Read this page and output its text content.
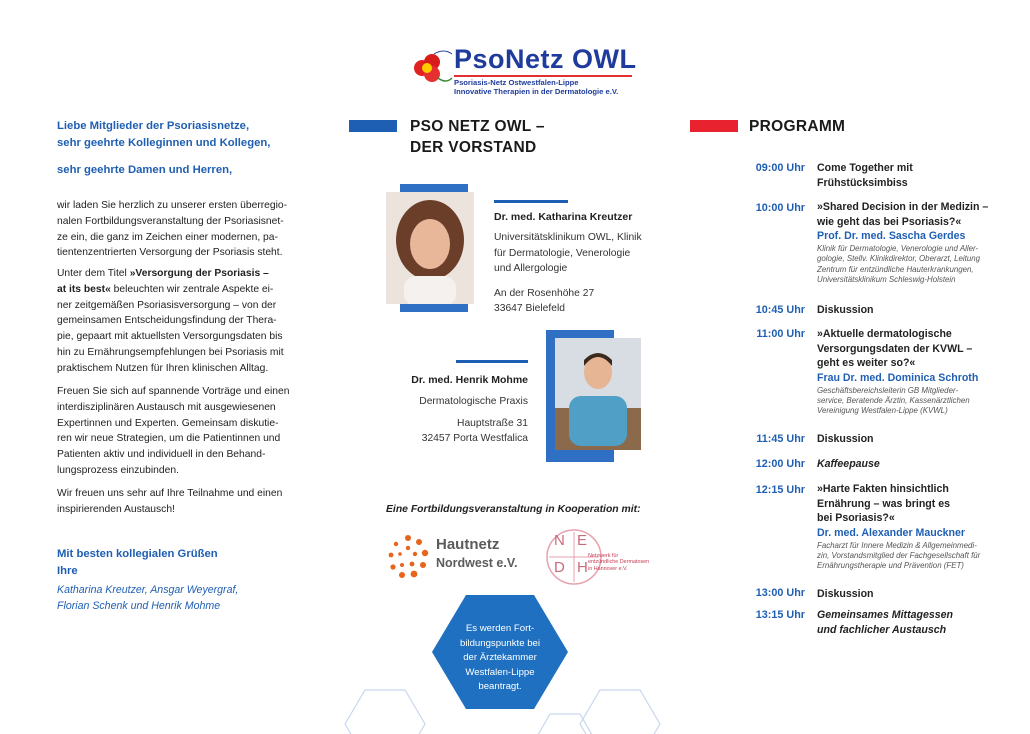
PsoNetz OWL
Psoriasis-Netz Ostwestfalen-Lippe
Innovative Therapien in der Dermatologie e.V.
Liebe Mitglieder der Psoriasisnetze,
sehr geehrte Kolleginnen und Kollegen,
sehr geehrte Damen und Herren,
wir laden Sie herzlich zu unserer ersten überregio-
nalen Fortbildungsveranstaltung der Psoriasisnet-
ze ein, die ganz im Zeichen einer modernen, pa-
tientenzentrierten Versorgung der Psoriasis steht.
Unter dem Titel »Versorgung der Psoriasis –
at its best« beleuchten wir zentrale Aspekte ei-
ner zeitgemäßen Psoriasisversorgung – von der
gemeinsamen Entscheidungsfindung der Thera-
pie, gepaart mit aktuellsten Versorgungsdaten bis
hin zu Ernährungsempfehlungen bei Psoriasis mit
praktischem Nutzen für Ihren klinischen Alltag.
Freuen Sie sich auf spannende Vorträge und einen
interdisziplinären Austausch mit ausgewiesenen
Expertinnen und Experten. Gemeinsam diskutie-
ren wir neue Strategien, um die Patientinnen und
Patienten aktiv und individuell in den Behand-
lungsprozess einzubinden.
Wir freuen uns sehr auf Ihre Teilnahme und einen
inspirierenden Austausch!
Mit besten kollegialen Grüßen
Ihre
Katharina Kreutzer, Ansgar Weyergraf,
Florian Schenk und Henrik Mohme
PSO NETZ OWL –
DER VORSTAND
Dr. med. Katharina Kreutzer
Universitätsklinikum OWL, Klinik
für Dermatologie, Venerologie
und Allergologie
An der Rosenhöhe 27
33647 Bielefeld
Dr. med. Henrik Mohme
Dermatologische Praxis
Hauptstraße 31
32457 Porta Westfalica
Eine Fortbildungsveranstaltung in Kooperation mit:
Hautnetz
Nordwest e.V.
N E
D H
Netzwerk für
entzündliche Dermatosen
in Hannover e.V.
Es werden Fort-
bildungspunkte bei
der Ärztekammer
Westfalen-Lippe
beantragt.
PROGRAMM
09:00 Uhr Come Together mit
Frühstücksimbiss
10:00 Uhr »Shared Decision in der Medizin –
wie geht das bei Psoriasis?«
Prof. Dr. med. Sascha Gerdes
Klinik für Dermatologie, Venerologie und Aller-
gologie, Stellv. Klinikdirektor, Oberarzt, Leitung
Zentrum für entzündliche Hauterkrankungen,
Universitätsklinikum Schleswig-Holstein
10:45 Uhr Diskussion
11:00 Uhr »Aktuelle dermatologische
Versorgungsdaten der KVWL –
geht es weiter so?«
Frau Dr. med. Dominica Schroth
Geschäftsbereichsleiterin GB Mitglieder-
service, Beratende Ärztin, Kassenärztlichen
Vereinigung Westfalen-Lippe (KVWL)
11:45 Uhr Diskussion
12:00 Uhr Kaffeepause
12:15 Uhr »Harte Fakten hinsichtlich
Ernährung – was bringt es
bei Psoriasis?«
Dr. med. Alexander Mauckner
Facharzt für Innere Medizin & Allgemeinmedi-
zin, Vorstandsmitglied der Fachgesellschaft für
Ernährungstherapie und Prävention (FET)
13:00 Uhr Diskussion
13:15 Uhr Gemeinsames Mittagessen
und fachlicher Austausch
